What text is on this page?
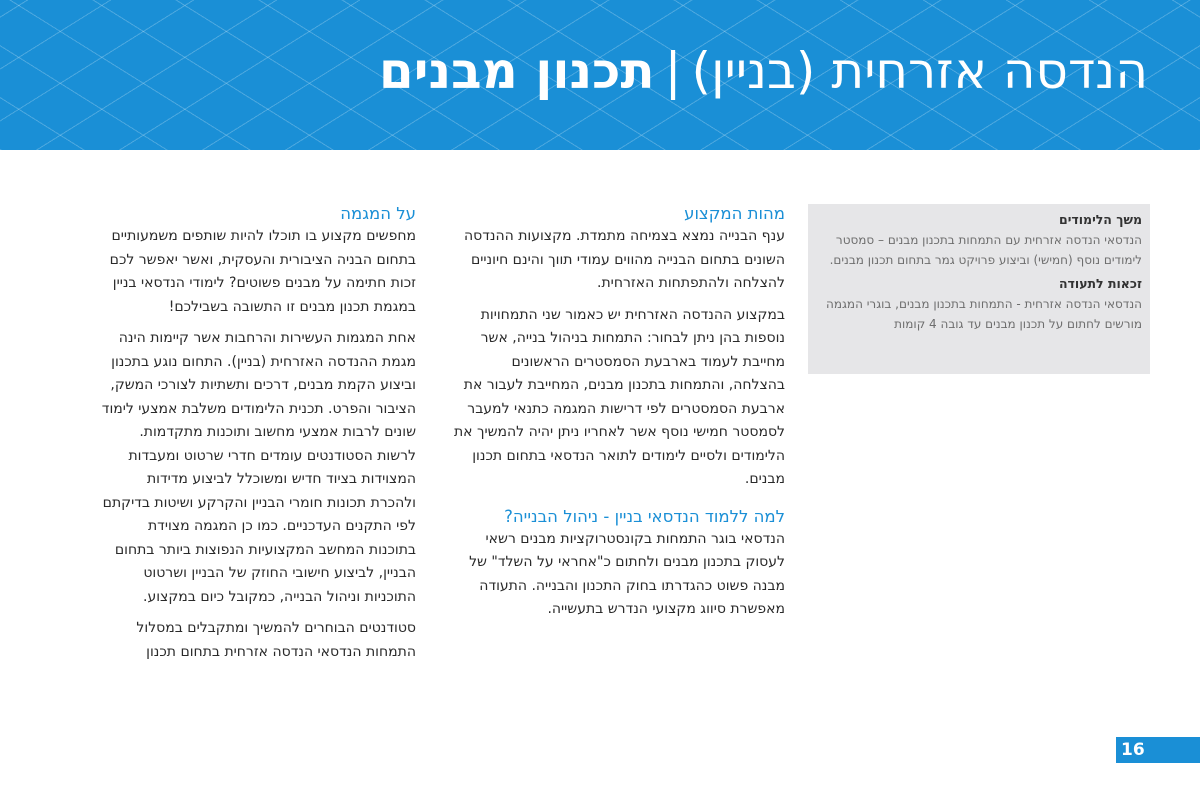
הנדסה אזרחית (בניין)|תכנון מבנים
משך הלימודים

הנדסאי הנדסה אזרחית עם התמחות בתכנון מבנים – סמסטר לימודים נוסף (חמישי) וביצוע פרויקט גמר בתחום תכנון מבנים.

זכאות לתעודה

הנדסאי הנדסה אזרחית - התמחות בתכנון מבנים, בוגרי המגמה מורשים לחתום על תכנון מבנים עד גובה 4 קומות

מהות המקצוע

ענף הבנייה נמצא בצמיחה מתמדת. מקצועות ההנדסה השונים בתחום הבנייה מהווים עמודי תווך והינם חיוניים להצלחה ולהתפתחות האזרחית.

במקצוע ההנדסה האזרחית יש כאמור שני התמחויות נוספות בהן ניתן לבחור: התמחות בניהול בנייה, אשר מחייבת לעמוד בארבעת הסמסטרים הראשונים בהצלחה, והתמחות בתכנון מבנים, המחייבת לעבור את ארבעת הסמסטרים לפי דרישות המגמה כתנאי למעבר לסמסטר חמישי נוסף אשר לאחריו ניתן יהיה להמשיך את הלימודים ולסיים לימודים לתואר הנדסאי בתחום תכנון מבנים.

למה ללמוד הנדסאי בניין - ניהול הבנייה?

הנדסאי בוגר התמחות בקונסטרוקציות מבנים רשאי לעסוק בתכנון מבנים ולחתום כ"אחראי על השלד" של מבנה פשוט כהגדרתו בחוק התכנון והבנייה. התעודה מאפשרת סיווג מקצועי הנדרש בתעשייה.

על המגמה

מחפשים מקצוע בו תוכלו להיות שותפים משמעותיים בתחום הבניה הציבורית והעסקית, ואשר יאפשר לכם זכות חתימה על מבנים פשוטים? לימודי הנדסאי בניין במגמת תכנון מבנים זו התשובה בשבילכם!

אחת המגמות העשירות והרחבות אשר קיימות הינה מגמת ההנדסה האזרחית (בניין). התחום נוגע בתכנון וביצוע הקמת מבנים, דרכים ותשתיות לצורכי המשק, הציבור והפרט. תכנית הלימודים משלבת אמצעי לימוד שונים לרבות אמצעי מחשוב ותוכנות מתקדמות. לרשות הסטודנטים עומדים חדרי שרטוט ומעבדות המצוידות בציוד חדיש ומשוכלל לביצוע מדידות ולהכרת תכונות חומרי הבניין והקרקע ושיטות בדיקתם לפי התקנים העדכניים. כמו כן המגמה מצוידת בתוכנות המחשב המקצועיות הנפוצות ביותר בתחום הבניין, לביצוע חישובי החוזק של הבניין ושרטוט התוכניות וניהול הבנייה, כמקובל כיום במקצוע.

סטודנטים הבוחרים להמשיך ומתקבלים במסלול התמחות הנדסאי הנדסה אזרחית בתחום תכנון

16
